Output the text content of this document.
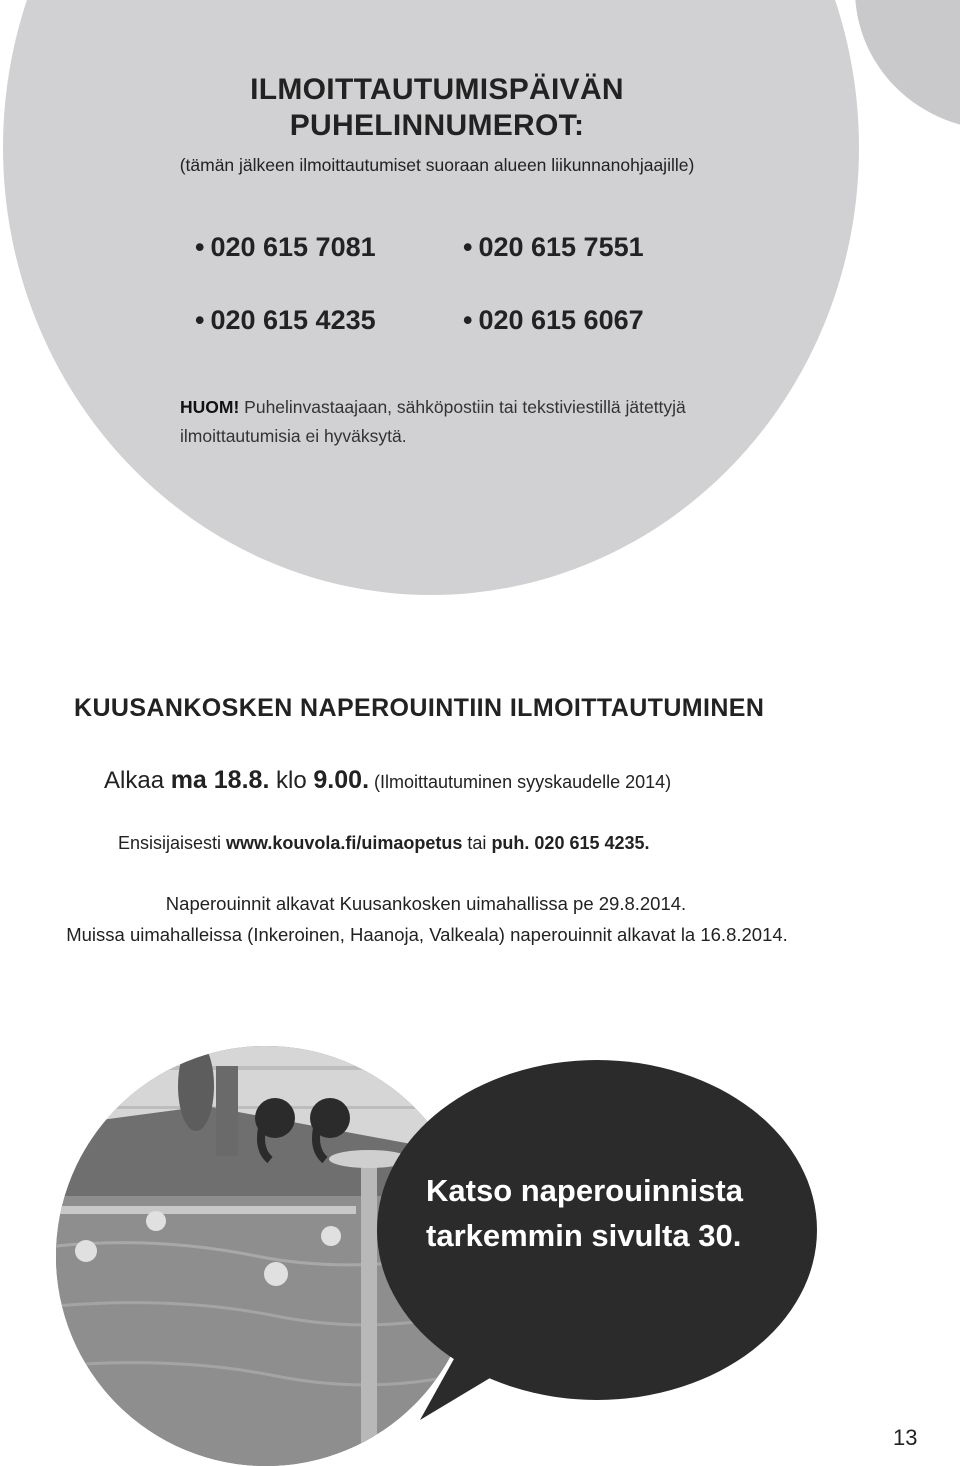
ILMOITTAUTUMISPÄIVÄN
PUHELINNUMEROT:
(tämän jälkeen ilmoittautumiset suoraan alueen liikunnanohjaajille)
• 020 615 7081	• 020 615 7551
• 020 615 4235	• 020 615 6067
HUOM! Puhelinvastaajaan, sähköpostiin tai tekstiviestillä jätettyjä ilmoittautumisia ei hyväksytä.
KUUSANKOSKEN NAPEROUINTIIN ILMOITTAUTUMINEN
Alkaa ma 18.8. klo 9.00. (Ilmoittautuminen syyskaudelle 2014)
Ensisijaisesti www.kouvola.fi/uimaopetus tai puh. 020 615 4235.
Naperouinnit alkavat Kuusankosken uimahallissa pe 29.8.2014.
Muissa uimahalleissa (Inkeroinen, Haanoja, Valkeala) naperouinnit alkavat la 16.8.2014.
Katso naperouinnista
tarkemmin sivulta 30.
13
